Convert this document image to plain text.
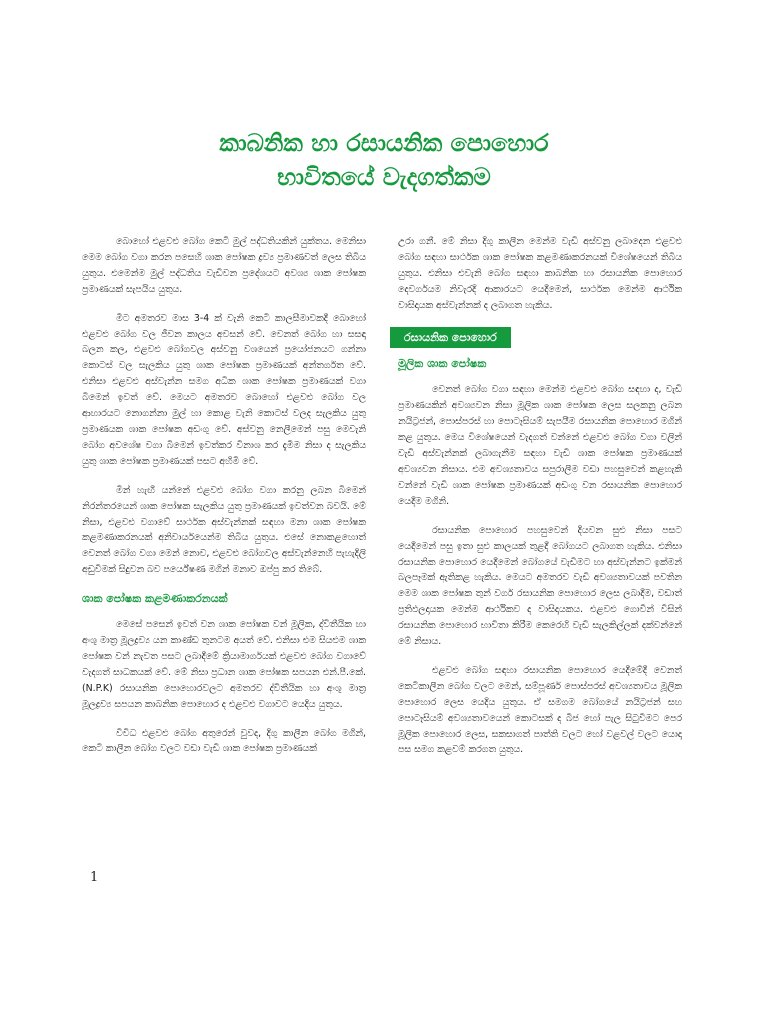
කාබනික හා රසායනික පොහොර
භාවිතයේ වැදගත්කම

බොහෝ එළවළු බෝග කෙටි මුල් පද්ධතියකින් යුක්තය. මෙනිසා මෙම බෝග වගා කරන පසෙහි ශාක පෝෂක ද්‍රව්‍ය ප්‍රමාණවත් ලෙස තිබිය යුතුය. එමෙන්ම මුල් පද්ධතිය වැඩිවන ප්‍රදේශයට අවශ්‍ය ශාක පෝෂක ප්‍රමාණයක් සැපයිය යුතුය.

මීට අමතරව මාස 3-4 ක් වැනි කෙටි කාලසීමාවකදී බොහෝ එළවළු බෝග වල ජීවන කාලය අවසන් වේ. වෙනත් බෝග හා සසඳා බලන කල, එළවළු බෝගවල අස්වනු වශයෙන් ප්‍රයෝජනයට ගන්නා කොටස් වල සැලකිය යුතු ශාක පෝෂක ප්‍රමාණයක් අන්තර්ගත වේ. එනිසා එළවළු අස්වැන්න සමග අධික ශාක පෝෂක ප්‍රමාණයක් වගා බිමෙන් ඉවත් වේ. මෙයට අමතරව බොහෝ එළවළු බෝග වල ආහාරයට නොගන්නා මුල් හා කොළ වැනි කොටස් වලද සැලකිය යුතු ප්‍රමාණයක ශාක පෝෂක අඩංගු වේ. අස්වනු නෙලීමෙන් පසු මෙවැනි බෝග අවශේෂ වගා බිමෙන් ඉවත්කර විනාශ කර දැමීම නිසා ද සැලකිය යුතු ශාක පෝෂක ප්‍රමාණයක් පසට අහිමි වේ.

මින් හැඟී යන්නේ එළවළු බෝග වගා කරනු ලබන බිමෙන් නිරන්තරයෙන් ශාක පෝෂක සැලකිය යුතු ප්‍රමාණයක් ඉවත්වන බවයි. මේ නිසා, එළවළු වගාවේ සාර්ථක අස්වැන්නක් සඳහා මනා ශාක පෝෂක කළමණාකරනයක් අනිවාර්යයෙන්ම තිබිය යුතුය. එසේ නොකළහොත් වෙනත් බෝග වගා මෙන් නොව, එළවළු බෝගවල අස්වැන්නෙහි පැහැදිලි අඩුවීමක් සිදුවන බව පර්යේෂණ මගින් මනාව ඔප්පු කර තිබේ.

ශාක පෝෂක කළමණාකරනයක්

මෙසේ පසෙන් ඉවත් වන ශාක පෝෂක වන් මූලික, ද්විතීයික හා අංශු මාත්‍ර මූලද්‍රව්‍ය යන කාණ්ඩ තුනටම අයත් වේ. එනිසා එම සියළුම ශාක පෝෂක වන් නැවත පසට ලබාදීමේ ක්‍රියාමාර්ගයක් එළවළු බෝග වගාවේ වැදගත් සාධකයක් වේ. මේ නිසා ප්‍රධාන ශාක පෝෂක සපයන එන්.පී.කේ.(N.P.K) රසායනික පොහොරවලට අමතරව ද්විතීයික හා අංශු මාත්‍ර මූලද්‍රව්‍ය සපයන කාබනික පොහොර ද එළවළු වගාවට යෙදිය යුතුය.

විවිධ එළවළු බෝග අතුරෙන් වුවද, දිගු කාලීන බෝග මගින්, කෙටි කාලීන බෝග වලට වඩා වැඩි ශාක පෝෂක ප්‍රමාණයක්

උරා ගනී. මේ නිසා දිගු කාලීන මෙන්ම වැඩි අස්වනු ලබාදෙන එළවළු බෝග සඳහා සාර්ථක ශාක පෝෂක කළමණාකරනයක් විශේෂයෙන් තිබිය යුතුය. එනිසා එවැනි බෝග සඳහා කාබනික හා රසායනික පොහොර දෙවර්ගයම නිවැරදි ආකාරයට යෙදීමෙන්, සාර්ථක මෙන්ම ආර්ථික වාසිදායක අස්වැන්නක් ද ලබාගත හැකිය.

රසායනික පොහොර
මූලික ශාක පෝෂක

වෙනත් බෝග වගා සඳහා මෙන්ම එළවළු බෝග සඳහා ද, වැඩි ප්‍රමාණයකින් අවශ්‍යවන නිසා මූලික ශාක පෝෂක ලෙස සලකනු ලබන නයිට්‍රජන්, පොස්පරස් හා පොටෑසියම් සැපයීම රසායනික පොහොර මගින් කළ යුතුය. මෙය විශේෂයෙන් වැදගත් වන්නේ එළවළු බෝග වගා වලින් වැඩි අස්වැන්නක් ලබාගැනීම සඳහා වැඩි ශාක පෝෂක ප්‍රමාණයක් අවශ්‍යවන නිසාය. එම අවශ්‍යතාවය සපුරාලීම වඩා පහසුවෙන් කළහැකි වන්නේ වැඩි ශාක පෝෂක ප්‍රමාණයක් අඩංගු වන රසායනික පොහොර යෙදීම මගිනි.

රසායනික පොහොර පහසුවෙන් දියවන සුළු නිසා පසට යෙදීමෙන් පසු ඉතා සුළු කාලයක් තුළදී බෝගයට ලබාගත හැකිය. එනිසා රසායනික පොහොර යෙදීමෙන් බෝගයේ වැඩීමට හා අස්වැන්නට ඉක්මන් බලපෑමක් ඇතිකළ හැකිය. මෙයට අමතරව වැඩි අවශ්‍යතාවයක් පවතින මෙම ශාක පෝෂක තුන් වර්ග රසායනික පොහොර ලෙස ලබාදීම, වඩාත් ප්‍රතිඵලදායක මෙන්ම ආර්ථිකව ද වාසිදායකය. එළවළු ගොවීන් විසින් රසායනික පොහොර භාවිතා කිරීම කෙරෙහි වැඩි සැලකිල්ලක් දක්වන්නේ මේ නිසාය.

එළවළු බෝග සඳහා රසායනික පොහොර යෙදීමේදී වෙනත් කෙටිකාලීන බෝග වලට මෙන්, සම්පූර්ණ පොස්පරස් අවශ්‍යතාවය මූලික පොහොර ලෙස යෙදිය යුතුය. ඒ සමගම බෝගයේ නයිට්‍රජන් සහ පොටෑසියම් අවශ්‍යතාවයෙන් කොටසක් ද බීජ හෝ පැල සිටුවීමට පෙර මූලික පොහොර ලෙස, සකසාගත් පාත්ති වලට හෝ වළවල් වලට යොදා පස සමග කළවම් කරගත යුතුය.

1
